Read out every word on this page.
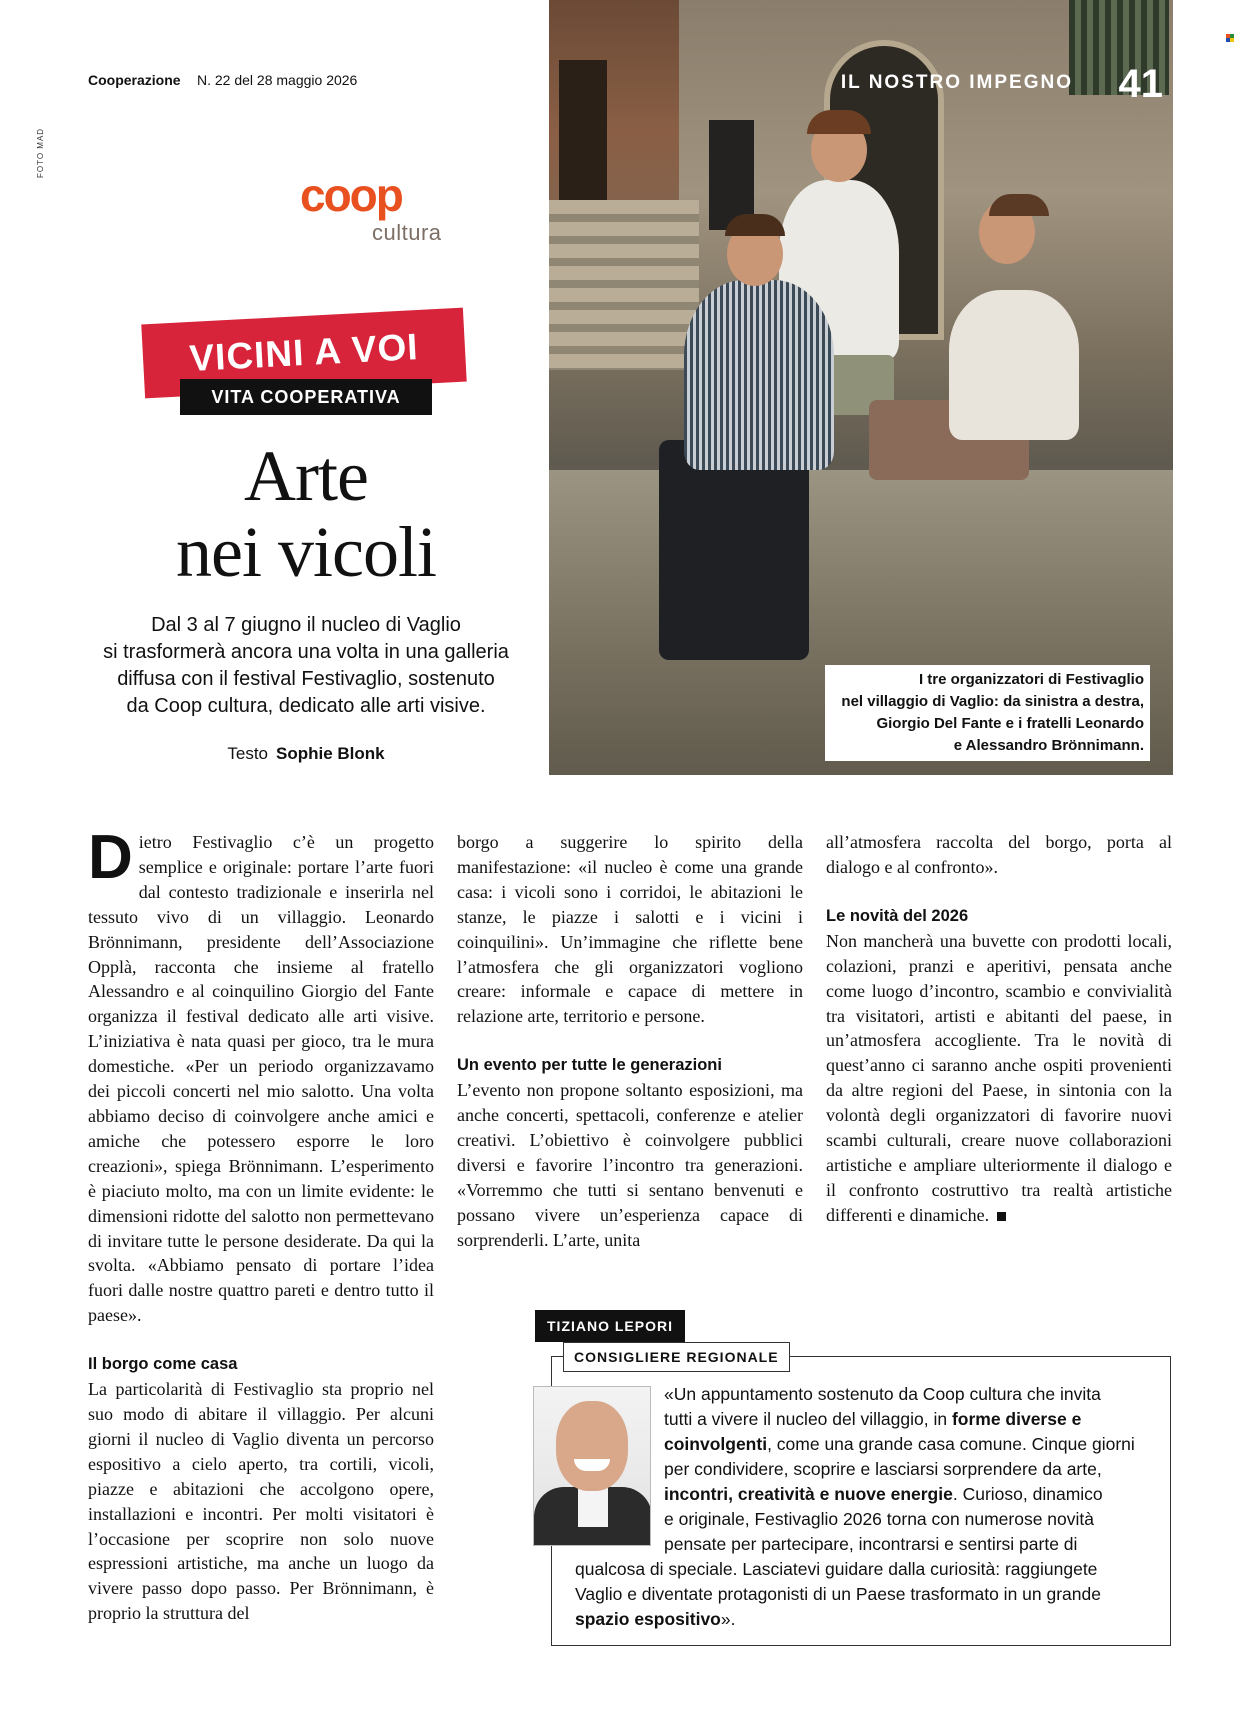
Cooperazione N. 22 del 28 maggio 2026
FOTO MAD
coop
cultura
VICINI A VOI
VITA COOPERATIVA
Arte
nei vicoli
Dal 3 al 7 giugno il nucleo di Vaglio
si trasformerà ancora una volta in una galleria
diffusa con il festival Festivaglio, sostenuto
da Coop cultura, dedicato alle arti visive.
Testo Sophie Blonk
IL NOSTRO IMPEGNO 41
I tre organizzatori di Festivaglio
nel villaggio di Vaglio: da sinistra a destra,
Giorgio Del Fante e i fratelli Leonardo
e Alessandro Brönnimann.

Dietro Festivaglio c’è un progetto semplice e originale: portare l’arte fuori dal contesto tradizionale e inserirla nel tessuto vivo di un villaggio. Leonardo Brönnimann, presidente dell’Associazione Opplà, racconta che insieme al fratello Alessandro e al coinquilino Giorgio del Fante organizza il festival dedicato alle arti visive. L’iniziativa è nata quasi per gioco, tra le mura domestiche. «Per un periodo organizzavamo dei piccoli concerti nel mio salotto. Una volta abbiamo deciso di coinvolgere anche amici e amiche che potessero esporre le loro creazioni», spiega Brönnimann. L’esperimento è piaciuto molto, ma con un limite evidente: le dimensioni ridotte del salotto non permettevano di invitare tutte le persone desiderate. Da qui la svolta. «Abbiamo pensato di portare l’idea fuori dalle nostre quattro pareti e dentro tutto il paese».

Il borgo come casa

La particolarità di Festivaglio sta proprio nel suo modo di abitare il villaggio. Per alcuni giorni il nucleo di Vaglio diventa un percorso espositivo a cielo aperto, tra cortili, vicoli, piazze e abitazioni che accolgono opere, installazioni e incontri. Per molti visitatori è l’occasione per scoprire non solo nuove espressioni artistiche, ma anche un luogo da vivere passo dopo passo. Per Brönnimann, è proprio la struttura del

borgo a suggerire lo spirito della manifestazione: «il nucleo è come una grande casa: i vicoli sono i corridoi, le abitazioni le stanze, le piazze i salotti e i vicini i coinquilini». Un’immagine che riflette bene l’atmosfera che gli organizzatori vogliono creare: informale e capace di mettere in relazione arte, territorio e persone.

Un evento per tutte le generazioni

L’evento non propone soltanto esposizioni, ma anche concerti, spettacoli, conferenze e atelier creativi. L’obiettivo è coinvolgere pubblici diversi e favorire l’incontro tra generazioni. «Vorremmo che tutti si sentano benvenuti e possano vivere un’esperienza capace di sorprenderli. L’arte, unita

all’atmosfera raccolta del borgo, porta al dialogo e al confronto».

Le novità del 2026

Non mancherà una buvette con prodotti locali, colazioni, pranzi e aperitivi, pensata anche come luogo d’incontro, scambio e convivialità tra visitatori, artisti e abitanti del paese, in un’atmosfera accogliente. Tra le novità di quest’anno ci saranno anche ospiti provenienti da altre regioni del Paese, in sintonia con la volontà degli organizzatori di favorire nuovi scambi culturali, creare nuove collaborazioni artistiche e ampliare ulteriormente il dialogo e il confronto costruttivo tra realtà artistiche differenti e dinamiche.

TIZIANO LEPORI
CONSIGLIERE REGIONALE
«Un appuntamento sostenuto da Coop cultura che invita
tutti a vivere il nucleo del villaggio, in forme diverse e
coinvolgenti, come una grande casa comune. Cinque giorni
per condividere, scoprire e lasciarsi sorprendere da arte,
incontri, creatività e nuove energie. Curioso, dinamico
e originale, Festivaglio 2026 torna con numerose novità
pensate per partecipare, incontrarsi e sentirsi parte di
qualcosa di speciale. Lasciatevi guidare dalla curiosità: raggiungete
Vaglio e diventate protagonisti di un Paese trasformato in un grande
spazio espositivo».
